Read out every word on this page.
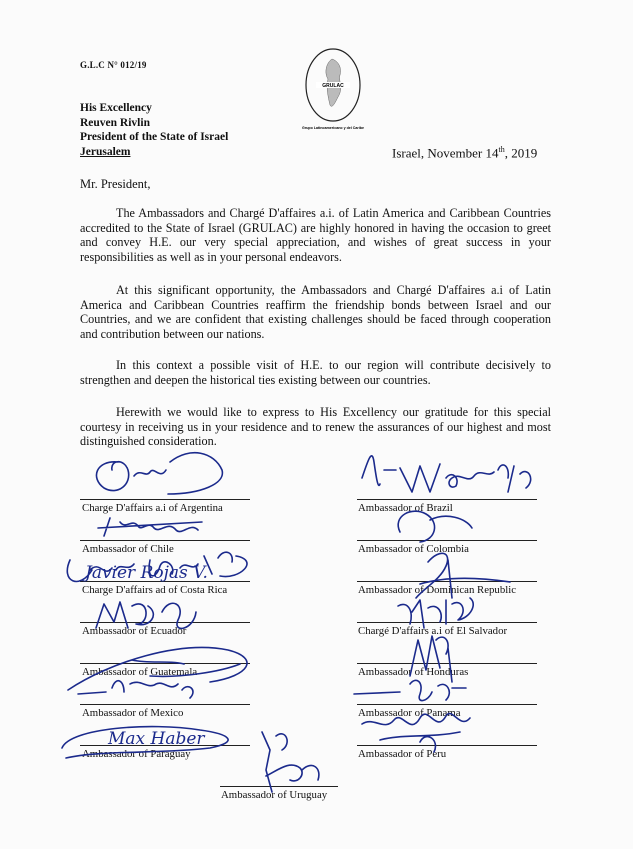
G.L.C N° 012/19
GRULAC
Grupo Latinoamericano y del Caribe
His Excellency
Reuven Rivlin
President of the State of Israel
Jerusalem	Israel, November 14th, 2019
Mr. President,

The Ambassadors and Chargé D'affaires a.i. of Latin America and Caribbean Countries accredited to the State of Israel (GRULAC) are highly honored in having the occasion to greet and convey H.E. our very special appreciation, and wishes of great success in your responsibilities as well as in your personal endeavors.

At this significant opportunity, the Ambassadors and Chargé D'affaires a.i of Latin America and Caribbean Countries reaffirm the friendship bonds between Israel and our Countries, and we are confident that existing challenges should be faced through cooperation and contribution between our nations.

In this context a possible visit of H.E. to our region will contribute decisively to strengthen and deepen the historical ties existing between our countries.

Herewith we would like to express to His Excellency our gratitude for this special courtesy in receiving us in your residence and to renew the assurances of our highest and most distinguished consideration.

Charge D'affairs a.i of Argentina
Ambassador of Chile
Charge D'affairs ad of Costa Rica
Ambassador of Ecuador
Ambassador of Guatemala
Ambassador of Mexico
Ambassador of Paraguay
Ambassador of Brazil
Ambassador of Colombia
Ambassador of Dominican Republic
Chargé D'affairs a.i of El Salvador
Ambassador of Honduras
Ambassador of Panama
Ambassador of Peru
Ambassador of Uruguay
Javier Rojas V.
Max Haber
